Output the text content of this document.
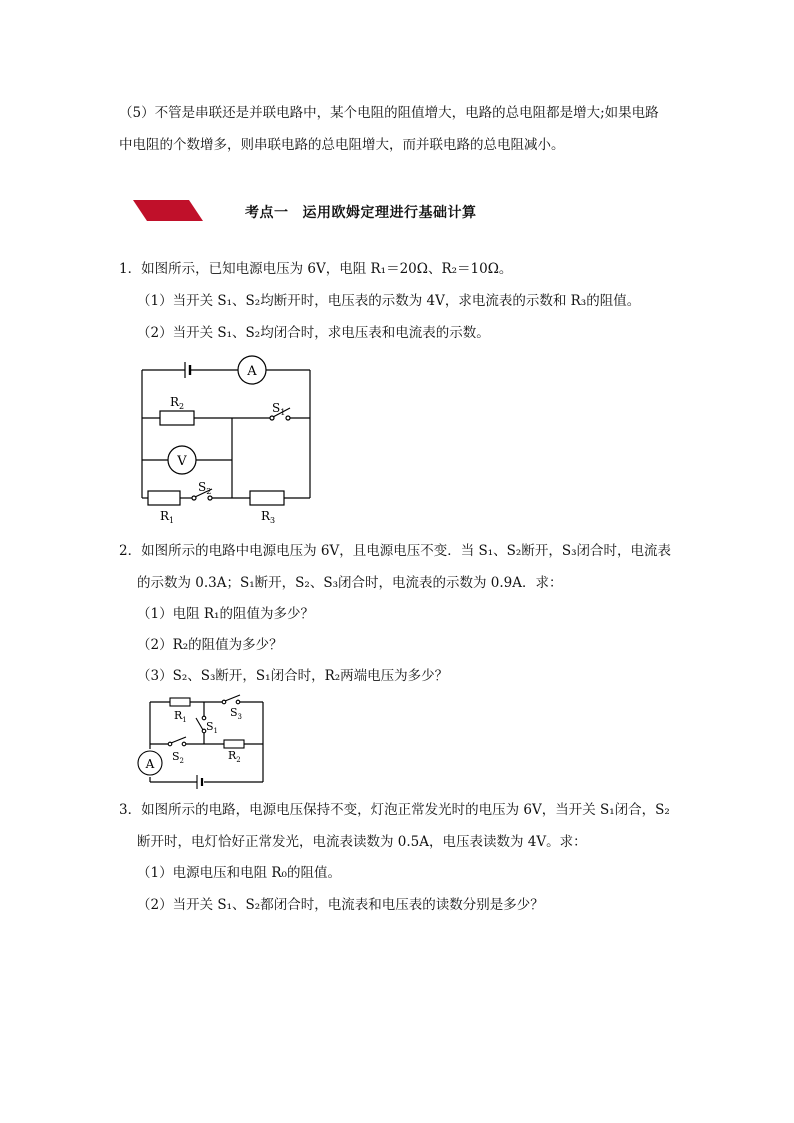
（5）不管是串联还是并联电路中，某个电阻的阻值增大，电路的总电阻都是增大;如果电路
中电阻的个数增多，则串联电路的总电阻增大，而并联电路的总电阻减小。
考点一 运用欧姆定理进行基础计算
1．如图所示，已知电源电压为 6V，电阻 R₁＝20Ω、R₂＝10Ω。
（1）当开关 S₁、S₂均断开时，电压表的示数为 4V，求电流表的示数和 R₃的阻值。
（2）当开关 S₁、S₂均闭合时，求电压表和电流表的示数。
A
$R_2$	$S_1$
V
$R_1$
$S_2$
$R_3$
2．如图所示的电路中电源电压为 6V，且电源电压不变．当 S₁、S₂断开，S₃闭合时，电流表
的示数为 0.3A；S₁断开，S₂、S₃闭合时，电流表的示数为 0.9A．求：
（1）电阻 R₁的阻值为多少？
（2）R₂的阻值为多少？
（3）S₂、S₃断开，S₁闭合时，R₂两端电压为多少？
$R_1$
$S_3$
$S_1$
$S_2$	$R_2$
A
3．如图所示的电路，电源电压保持不变，灯泡正常发光时的电压为 6V，当开关 S₁闭合，S₂
断开时，电灯恰好正常发光，电流表读数为 0.5A，电压表读数为 4V。求：
（1）电源电压和电阻 R₀的阻值。
（2）当开关 S₁、S₂都闭合时，电流表和电压表的读数分别是多少？
